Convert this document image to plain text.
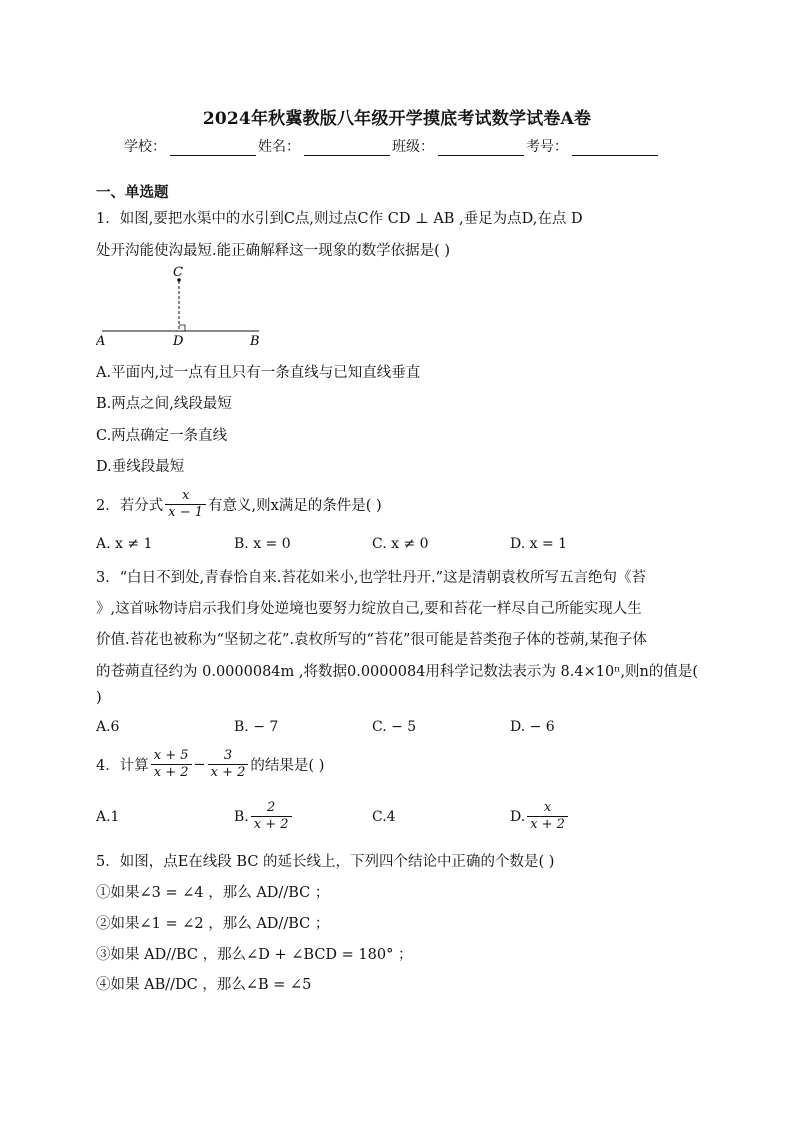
2024年秋冀教版八年级开学摸底考试数学试卷A卷
学校：	姓名：	班级：	考号：
一、单选题
1．如图,要把水渠中的水引到C点,则过点C作 CD ⊥ AB ,垂足为点D,在点 D
处开沟能使沟最短.能正确解释这一现象的数学依据是( )
C
A	D	B
A.平面内,过一点有且只有一条直线与已知直线垂直
B.两点之间,线段最短
C.两点确定一条直线
D.垂线段最短
2．若分式 $\frac{x}{x - 1}$ 有意义,则x满足的条件是( )
A. x ≠ 1	B. x = 0	C. x ≠ 0	D. x = 1
3．“白日不到处,青春恰自来.苔花如米小,也学牡丹开.”这是清朝袁枚所写五言绝句《苔
》,这首咏物诗启示我们身处逆境也要努力绽放自己,要和苔花一样尽自己所能实现人生
价值.苔花也被称为“坚韧之花”.袁枚所写的“苔花”很可能是苔类孢子体的苍蒴,某孢子体
的苍蒴直径约为 0.0000084m ,将数据0.0000084用科学记数法表示为 8.4×10ⁿ,则n的值是(
)
A.6	B. − 7	C. − 5	D. − 6
4．计算 $\frac{x + 5}{x + 2} - \frac{3}{x + 2}$ 的结果是( )
A.1	B. $\frac{2}{x + 2}$	C.4	D. $\frac{x}{x + 2}$
5．如图，点E在线段 BC 的延长线上，下列四个结论中正确的个数是( )
①如果∠3 = ∠4 ，那么 AD//BC ；
②如果∠1 = ∠2 ，那么 AD//BC ；
③如果 AD//BC ，那么∠D + ∠BCD = 180° ；
④如果 AB//DC ，那么∠B = ∠5
